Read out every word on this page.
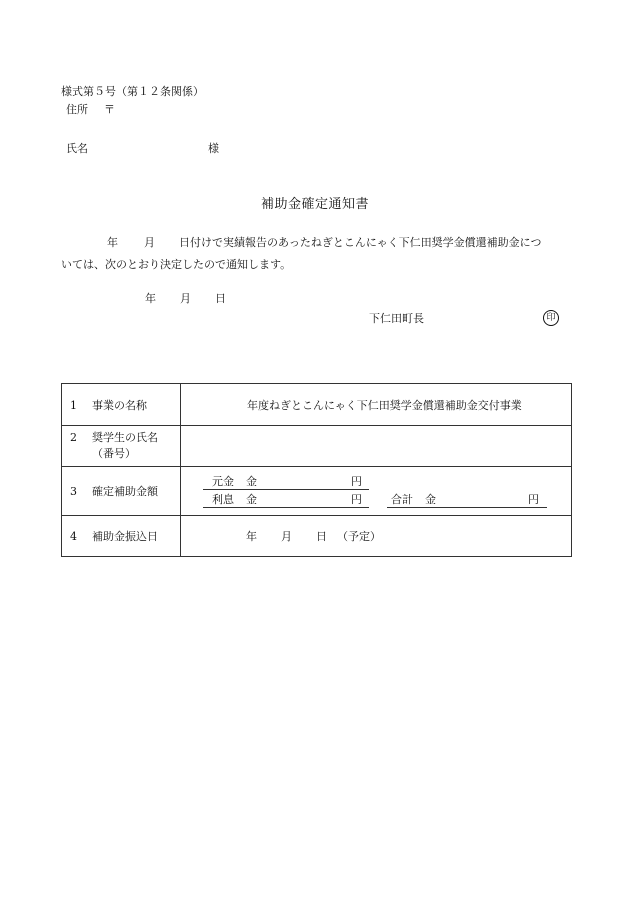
様式第５号（第１２条関係）
住所 〒
氏名	様
補助金確定通知書
年 月 日付けで実績報告のあったねぎとこんにゃく下仁田奨学金償還補助金につ
いては、次のとおり決定したので通知します。
年 月 日
下仁田町長	印
1 事業の名称	年度ねぎとこんにゃく下仁田奨学金償還補助金交付事業

2 奨学生の氏名
（番号）	

3 確定補助金額	元金 金 円
利息 金 円 合計 金 円

4 補助金振込日	年 月 日 （予定）
